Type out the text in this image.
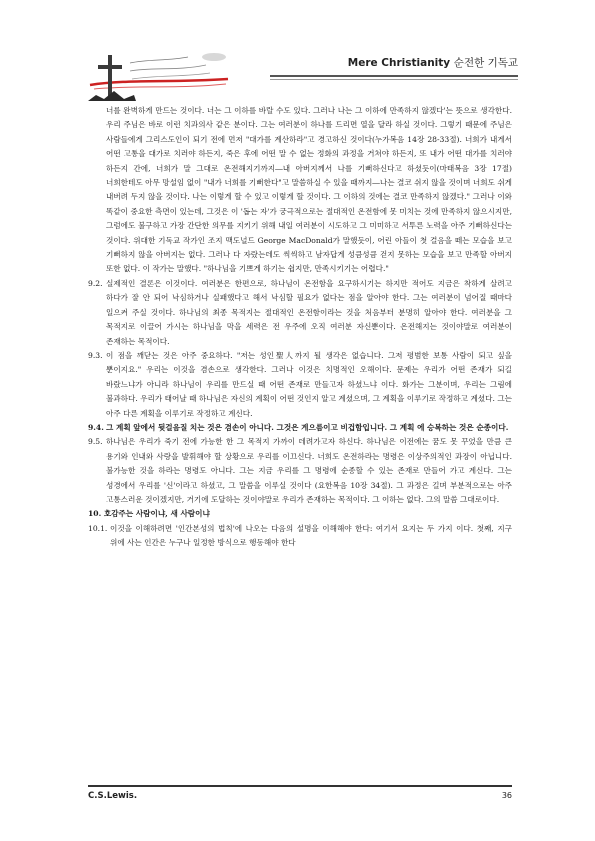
Mere Christianity 순전한 기독교
너를 완벽하게 만드는 것이다. 너는 그 이하를 바랄 수도 있다. 그러나 나는 그 이하에 만족하지 않겠다'는 뜻으로 생각한다. 우리 주님은 바로 이런 치과의사 같은 분이다. 그는 여러분이 하나를 드리면 열을 달라 하실 것이다. 그렇기 때문에 주님은 사람들에게 그리스도인이 되기 전에 먼저 "대가를 계산하라"고 경고하신 것이다(누가복음 14장 28-33절). 너희가 내게서 어떤 고통을 대가로 치러야 하든지, 죽은 후에 어떤 말 수 없는 정화의 과정을 거쳐야 하든지, 또 내가 어떤 대가를 치러야 하든지 간에, 너희가 말 그대로 온전해지기까지―내 아버지께서 나를 기뻐하신다고 하셨듯이(마태복음 3장 17절) 너희한테도 아무 망설임 없이 "내가 너희를 기뻐한다"고 말씀하실 수 있을 때까지―나는 결코 쉬지 않을 것이며 너희도 쉬게 내버려 두지 않을 것이다. 나는 이렇게 할 수 있고 이렇게 할 것이다. 그 이하의 것에는 결코 만족하지 않겠다." 그러나 이와 똑같이 중요한 측면이 있는데, 그것은 이 '돕는 자'가 궁극적으로는 절대적인 온전함에 못 미치는 것에 만족하지 않으시지만, 그럼에도 불구하고 가장 간단한 의무를 지키기 위해 내일 여러분이 시도하고 그 미미하고 서투른 노력을 아주 기뻐하신다는 것이다. 위대한 기독교 작가인 조지 맥도널드 George MacDonald가 말했듯이, 어린 아들이 첫 걸음을 떼는 모습을 보고 기뻐하지 않을 아버지는 없다. 그러나 다 자랐는데도 씩씩하고 남자답게 성큼성큼 걷지 못하는 모습을 보고 만족할 아버지 또한 없다. 이 작가는 말했다. "하나님을 기쁘게 하기는 쉽지만, 만족시키기는 어렵다."
9.2. 실제적인 결론은 이것이다. 여러분은 한편으로, 하나님이 온전함을 요구하시기는 하지만 적어도 지금은 착하게 살려고 하다가 잘 안 되어 낙심하거나 실패했다고 해서 낙심할 필요가 없다는 점을 알아야 한다. 그는 여러분이 넘어질 때마다 일으켜 주실 것이다. 하나님의 최종 목적지는 절대적인 온전함이라는 것을 처음부터 분명히 알아야 한다. 여러분을 그 목적지로 이끌어 가시는 하나님을 막을 세력은 전 우주에 오직 여러분 자신뿐이다. 온전해지는 것이야말로 여러분이 존재하는 목적이다.
9.3. 이 점을 깨닫는 것은 아주 중요하다. "저는 성인聖人까지 될 생각은 없습니다. 그저 평범한 보통 사람이 되고 싶을 뿐이지요." 우리는 이것을 겸손으로 생각한다. 그러나 이것은 치명적인 오해이다. 문제는 우리가 어떤 존재가 되길 바랐느냐가 아니라 하나님이 우리를 만드실 때 어떤 존재로 만들고자 하셨느냐 이다. 화가는 그분이며, 우리는 그림에 불과하다. 우리가 태어날 때 하나님은 자신의 계획이 어떤 것인지 알고 계셨으며, 그 계획을 이루기로 작정하고 계셨다. 그는 아주 다른 계획을 이루기로 작정하고 계신다.
9.4. 그 계획 앞에서 뒷걸음질 치는 것은 겸손이 아니다. 그것은 게으름이고 비겁함입니다. 그 계획 에 승복하는 것은 순종이다.
9.5. 하나님은 우리가 죽기 전에 가능한 한 그 목적지 가까이 데려가고자 하신다. 하나님은 이전에는 꿈도 못 꾸었을 만큼 큰 용기와 인내와 사랑을 발휘해야 할 상황으로 우리를 이끄신다. 너희도 온전하라는 명령은 이상주의적인 과장이 아닙니다. 불가능한 것을 하라는 명령도 아니다. 그는 지금 우리를 그 명령에 순종할 수 있는 존재로 만들어 가고 계신다. 그는 성경에서 우리를 '신'이라고 하셨고, 그 말씀을 이루실 것이다 (요한복음 10장 34절). 그 과정은 길며 부분적으로는 아주 고통스러운 것이겠지만, 거기에 도달하는 것이야말로 우리가 존재하는 목적이다. 그 이하는 없다. 그의 말씀 그대로이다.
10. 호감주는 사람이냐, 새 사람이냐
10.1. 이것을 이해하려면 '인간본성의 법칙'에 나오는 다음의 설명을 이해해야 한다: 여기서 요지는 두 가지 이다. 첫째, 지구 위에 사는 인간은 누구나 일정한 방식으로 행동해야 한다
C.S.Lewis.	36
